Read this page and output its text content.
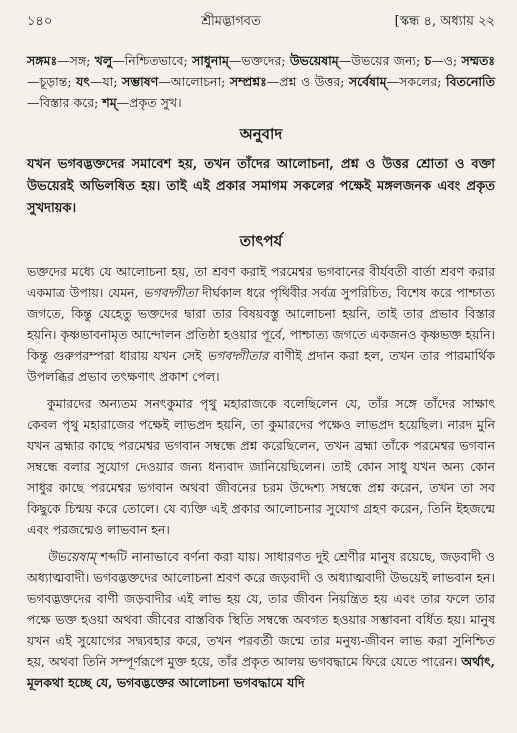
১৪০	শ্রীমদ্ভাগবত	[স্কন্ধ ৪, অধ্যায় ২২
সঙ্গমঃ—সঙ্গ; খলু—নিশ্চিতভাবে; সাধুনাম্—ভক্তদের; উভয়েষাম্—উভয়ের জন্য; চ—ও; সম্মতঃ—চূড়ান্ত; যৎ—যা; সম্ভাষণ—আলোচনা; সম্প্রশ্নঃ—প্রশ্ন ও উত্তর; সর্বেষাম্—সকলের; বিতনোতি—বিস্তার করে; শম্—প্রকৃত সুখ।
অনুবাদ
যখন ভগবদ্ভক্তদের সমাবেশ হয়, তখন তাঁদের আলোচনা, প্রশ্ন ও উত্তর শ্রোতা ও বক্তা উভয়েরই অভিলষিত হয়। তাই এই প্রকার সমাগম সকলের পক্ষেই মঙ্গলজনক এবং প্রকৃত সুখদায়ক।
তাৎপর্য

ভক্তদের মধ্যে যে আলোচনা হয়, তা শ্রবণ করাই পরমেশ্বর ভগবানের বীর্যবতী বার্তা শ্রবণ করার একমাত্র উপায়। যেমন, ভগবদ্গীতা দীর্ঘকাল ধরে পৃথিবীর সর্বত্র সুপরিচিত, বিশেষ করে পাশ্চাত্য জগতে, কিন্তু যেহেতু ভক্তদের দ্বারা তার বিষয়বস্তু আলোচনা হয়নি, তাই তার প্রভাব বিস্তার হয়নি। কৃষ্ণভাবনামৃত আন্দোলন প্রতিষ্ঠা হওয়ার পূর্বে, পাশ্চাত্য জগতে একজনও কৃষ্ণভক্ত হয়নি। কিন্তু গুরুপরম্পরা ধারায় যখন সেই ভগবদ্গীতার বাণীই প্রদান করা হল, তখন তার পারমার্থিক উপলব্ধির প্রভাব তৎক্ষণাৎ প্রকাশ পেল।

কুমারদের অন্যতম সনৎকুমার পৃথু মহারাজকে বলেছিলেন যে, তাঁর সঙ্গে তাঁদের সাক্ষাৎ কেবল পৃথু মহারাজের পক্ষেই লাভপ্রদ হয়নি, তা কুমারদের পক্ষেও লাভপ্রদ হয়েছিল। নারদ মুনি যখন ব্রহ্মার কাছে পরমেশ্বর ভগবান সম্বন্ধে প্রশ্ন করেছিলেন, তখন ব্রহ্মা তাঁকে পরমেশ্বর ভগবান সম্বন্ধে বলার সুযোগ দেওয়ার জন্য ধন্যবাদ জানিয়েছিলেন। তাই কোন সাধু যখন অন্য কোন সাধুর কাছে পরমেশ্বর ভগবান অথবা জীবনের চরম উদ্দেশ্য সম্বন্ধে প্রশ্ন করেন, তখন তা সব কিছুকে চিন্ময় করে তোলে। যে ব্যক্তি এই প্রকার আলোচনার সুযোগ গ্রহণ করেন, তিনি ইহজন্মে এবং পরজন্মেও লাভবান হন।

উভয়েষাম্ শব্দটি নানাভাবে বর্ণনা করা যায়। সাধারণত দুই শ্রেণীর মানুষ রয়েছে, জড়বাদী ও অধ্যাত্মবাদী। ভগবদ্ভক্তদের আলোচনা শ্রবণ করে জড়বাদী ও অধ্যাত্মবাদী উভয়েই লাভবান হন। ভগবদ্ভক্তদের বাণী জড়বাদীর এই লাভ হয় যে, তার জীবন নিয়ন্ত্রিত হয় এবং তার ফলে তার পক্ষে ভক্ত হওয়া অথবা জীবের বাস্তবিক স্থিতি সম্বন্ধে অবগত হওয়ার সম্ভাবনা বর্ধিত হয়। মানুষ যখন এই সুযোগের সদ্ব্যবহার করে, তখন পরবর্তী জন্মে তার মনুষ্য-জীবন লাভ করা সুনিশ্চিত হয়, অথবা তিনি সম্পূর্ণরূপে মুক্ত হয়ে, তাঁর প্রকৃত আলয় ভগবদ্ধামে ফিরে যেতে পারেন। অর্থাৎ, মূলকথা হচ্ছে যে, ভগবদ্ভক্তের আলোচনা ভগবদ্ধামে যদি
